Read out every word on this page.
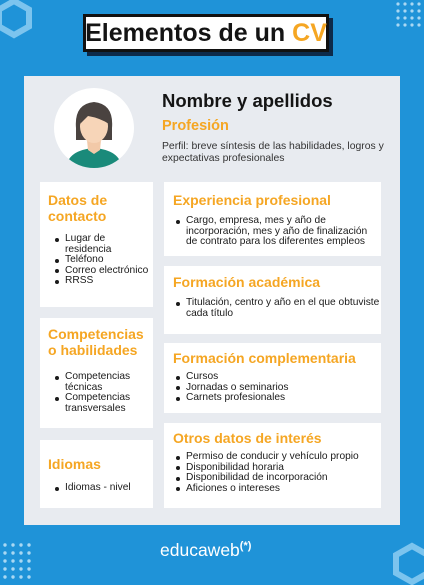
Elementos de un CV
Nombre y apellidos
Profesión
Perfil: breve síntesis de las habilidades, logros y expectativas profesionales
Datos de contacto
Lugar de residencia
Teléfono
Correo electrónico
RRSS
Competencias o habilidades
Competencias técnicas
Competencias transversales
Idiomas
Idiomas - nivel
Experiencia profesional
Cargo, empresa, mes y año de incorporación, mes y año de finalización de contrato para los diferentes empleos
Formación académica
Titulación, centro y año en el que obtuviste cada título
Formación complementaria
Cursos
Jornadas o seminarios
Carnets profesionales
Otros datos de interés
Permiso de conducir y vehículo propio
Disponibilidad horaria
Disponibilidad de incorporación
Aficiones o intereses
educaweb(*)
